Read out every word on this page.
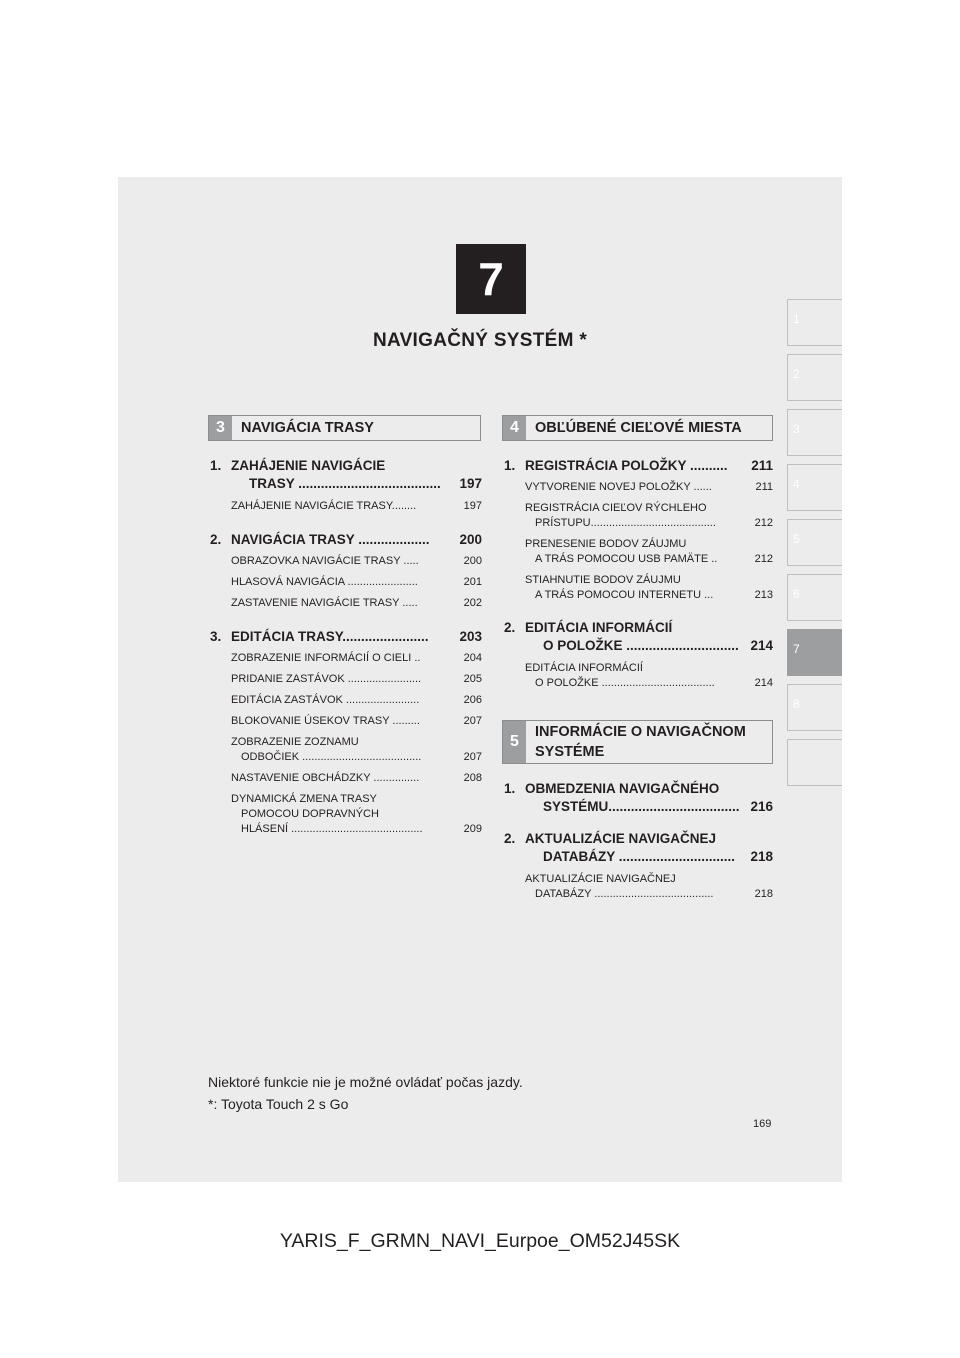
7
NAVIGAČNÝ SYSTÉM *
1
2
3
4
5
6
7
8
3	NAVIGÁCIA TRASY	4	OBĽÚBENÉ CIEĽOVÉ MIESTA
5
INFORMÁCIE O NAVIGAČNOM
SYSTÉME
1. ZAHÁJENIE NAVIGÁCIE
TRASY ......................................	197
ZAHÁJENIE NAVIGÁCIE TRASY........	197
2. NAVIGÁCIA TRASY ...................	200
OBRAZOVKA NAVIGÁCIE TRASY .....	200
HLASOVÁ NAVIGÁCIA .......................	201
ZASTAVENIE NAVIGÁCIE TRASY .....	202
3. EDITÁCIA TRASY.......................	203
ZOBRAZENIE INFORMÁCIÍ O CIELI ..	204
PRIDANIE ZASTÁVOK ........................	205
EDITÁCIA ZASTÁVOK ........................	206
BLOKOVANIE ÚSEKOV TRASY .........	207
ZOBRAZENIE ZOZNAMU
ODBOČIEK .......................................	207
NASTAVENIE OBCHÁDZKY ...............	208
DYNAMICKÁ ZMENA TRASY
POMOCOU DOPRAVNÝCH
HLÁSENÍ ...........................................	209
1. REGISTRÁCIA POLOŽKY ..........	211
VYTVORENIE NOVEJ POLOŽKY ......	211
REGISTRÁCIA CIEĽOV RÝCHLEHO
PRÍSTUPU.........................................	212
PRENESENIE BODOV ZÁUJMU
A TRÁS POMOCOU USB PAMÄTE ..	212
STIAHNUTIE BODOV ZÁUJMU
A TRÁS POMOCOU INTERNETU ...	213
2. EDITÁCIA INFORMÁCIÍ
O POLOŽKE .............................. 214
EDITÁCIA INFORMÁCIÍ
O POLOŽKE .....................................	214
1. OBMEDZENIA NAVIGAČNÉHO
SYSTÉMU................................... 216
2. AKTUALIZÁCIE NAVIGAČNEJ
DATABÁZY ...............................	218
AKTUALIZÁCIE NAVIGAČNEJ
DATABÁZY .......................................	218
Niektoré funkcie nie je možné ovládať počas jazdy.
*: Toyota Touch 2 s Go
169
YARIS_F_GRMN_NAVI_Eurpoe_OM52J45SK
